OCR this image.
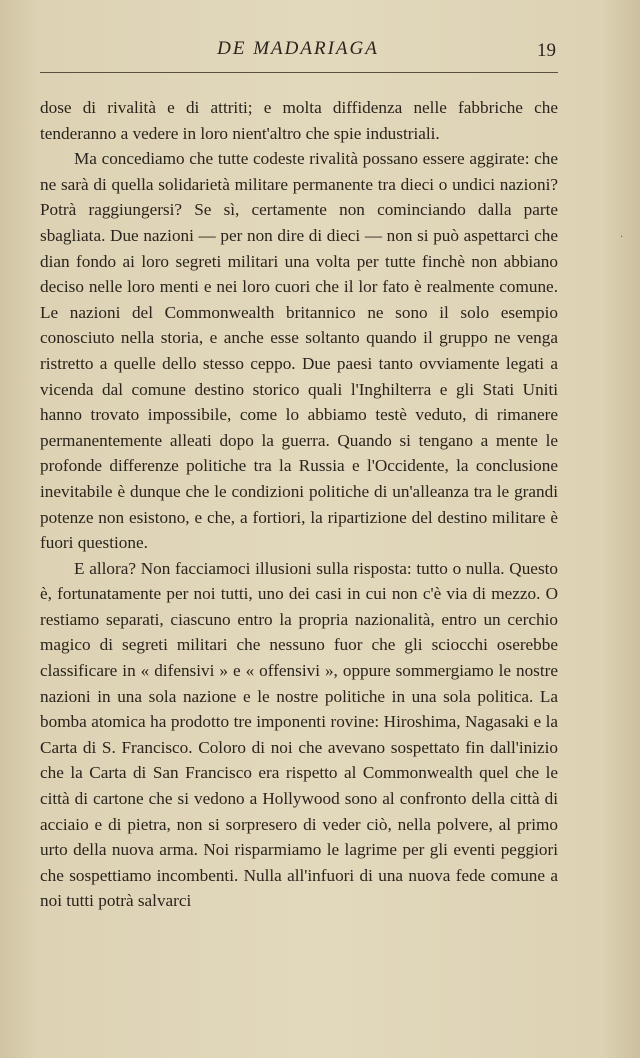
DE MADARIAGA	19

dose di rivalità e di attriti; e molta diffidenza nelle fabbriche che tenderanno a vedere in loro nient'altro che spie industriali.

Ma concediamo che tutte codeste rivalità possano essere aggirate: che ne sarà di quella solidarietà militare permanente tra dieci o undici nazioni? Potrà raggiungersi? Se sì, certamente non cominciando dalla parte sbagliata. Due nazioni — per non dire di dieci — non si può aspettarci che dian fondo ai loro segreti militari una volta per tutte finchè non abbiano deciso nelle loro menti e nei loro cuori che il lor fato è realmente comune. Le nazioni del Commonwealth britannico ne sono il solo esempio conosciuto nella storia, e anche esse soltanto quando il gruppo ne venga ristretto a quelle dello stesso ceppo. Due paesi tanto ovviamente legati a vicenda dal comune destino storico quali l'Inghilterra e gli Stati Uniti hanno trovato impossibile, come lo abbiamo testè veduto, di rimanere permanentemente alleati dopo la guerra. Quando si tengano a mente le profonde differenze politiche tra la Russia e l'Occidente, la conclusione inevitabile è dunque che le condizioni politiche di un'alleanza tra le grandi potenze non esistono, e che, a fortiori, la ripartizione del destino militare è fuori questione.

E allora? Non facciamoci illusioni sulla risposta: tutto o nulla. Questo è, fortunatamente per noi tutti, uno dei casi in cui non c'è via di mezzo. O restiamo separati, ciascuno entro la propria nazionalità, entro un cerchio magico di segreti militari che nessuno fuor che gli sciocchi oserebbe classificare in « difensivi » e « offensivi », oppure sommergiamo le nostre nazioni in una sola nazione e le nostre politiche in una sola politica. La bomba atomica ha prodotto tre imponenti rovine: Hiroshima, Nagasaki e la Carta di S. Francisco. Coloro di noi che avevano sospettato fin dall'inizio che la Carta di San Francisco era rispetto al Commonwealth quel che le città di cartone che si vedono a Hollywood sono al confronto della città di acciaio e di pietra, non si sorpresero di veder ciò, nella polvere, al primo urto della nuova arma. Noi risparmiamo le lagrime per gli eventi peggiori che sospettiamo incombenti. Nulla all'infuori di una nuova fede comune a noi tutti potrà salvarci

·
